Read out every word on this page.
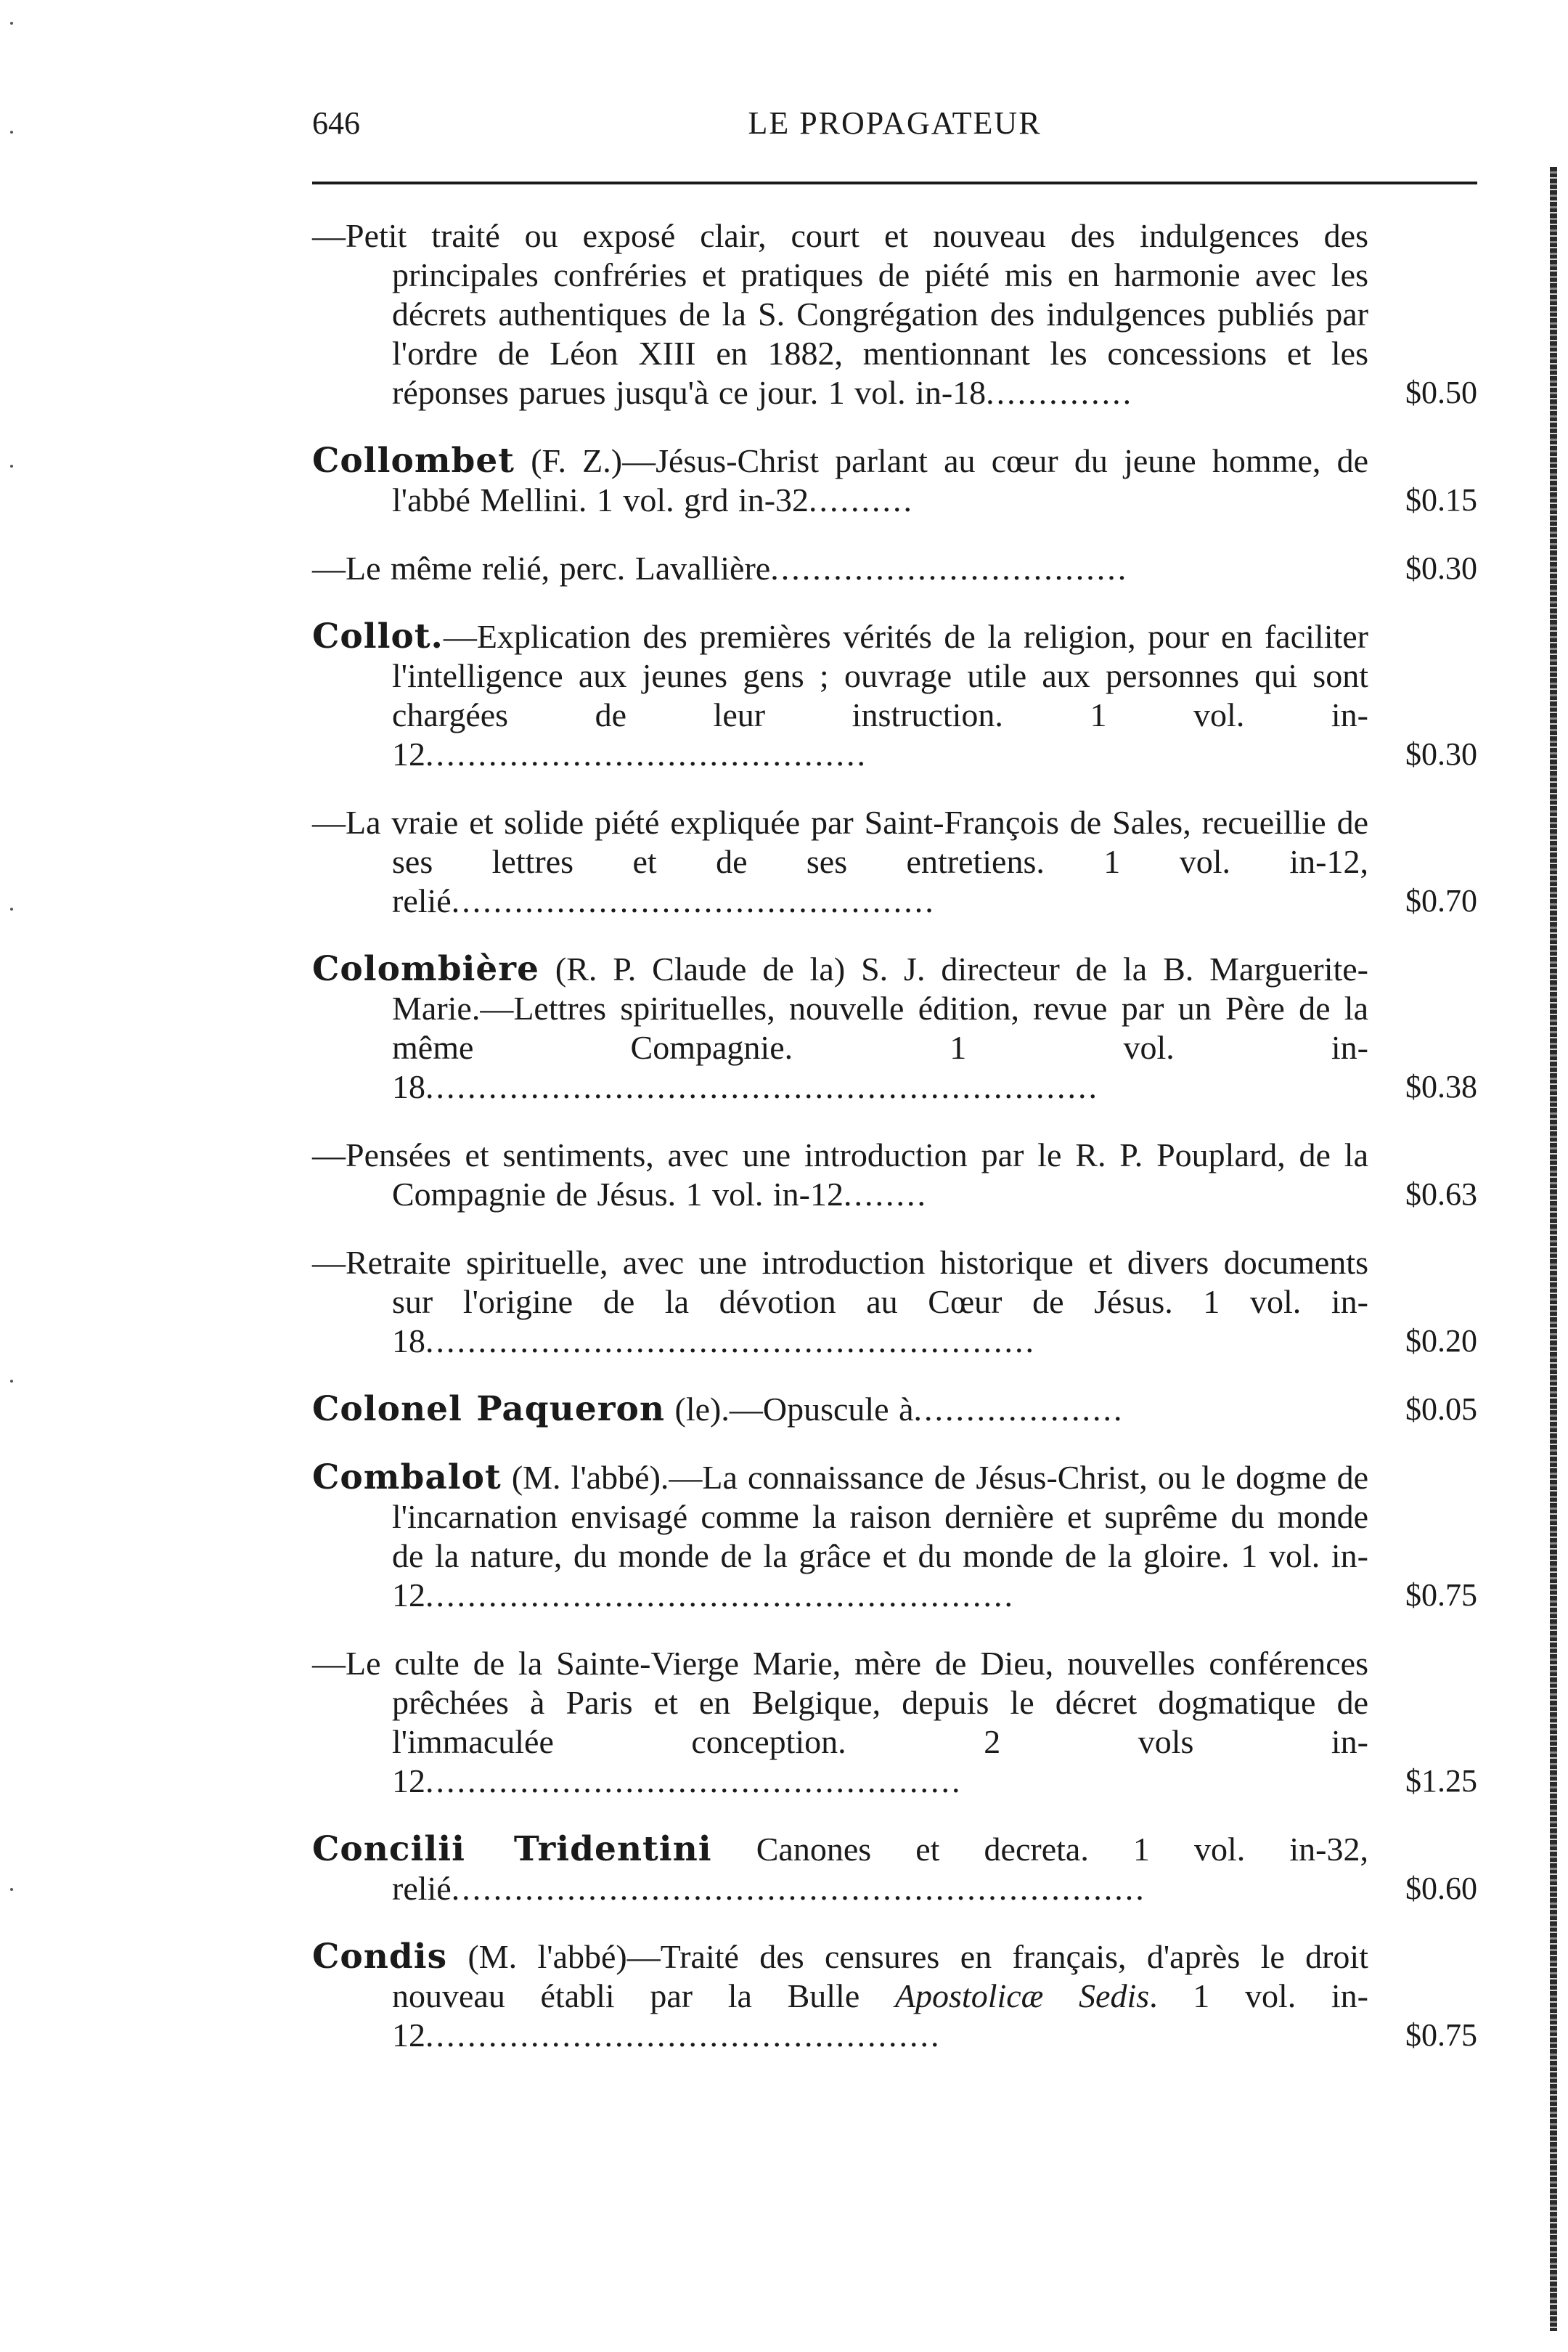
646	LE PROPAGATEUR
—Petit traité ou exposé clair, court et nouveau des indulgences des principales confréries et pratiques de piété mis en harmonie avec les décrets authentiques de la S. Congrégation des indulgences publiés par l'ordre de Léon XIII en 1882, mentionnant les concessions et les réponses parues jusqu'à ce jour. 1 vol. in-18..............	$0.50
Collombet (F. Z.)—Jésus-Christ parlant au cœur du jeune homme, de l'abbé Mellini. 1 vol. grd in-32..........	$0.15
—Le même relié, perc. Lavallière..................................	$0.30
Collot.—Explication des premières vérités de la religion, pour en faciliter l'intelligence aux jeunes gens ; ouvrage utile aux personnes qui sont chargées de leur instruction. 1 vol. in-12..........................................	$0.30
—La vraie et solide piété expliquée par Saint-François de Sales, recueillie de ses lettres et de ses entretiens. 1 vol. in-12, relié..............................................	$0.70
Colombière (R. P. Claude de la) S. J. directeur de la B. Marguerite-Marie.—Lettres spirituelles, nouvelle édition, revue par un Père de la même Compagnie. 1 vol. in-18................................................................	$0.38
—Pensées et sentiments, avec une introduction par le R. P. Pouplard, de la Compagnie de Jésus. 1 vol. in-12........	$0.63
—Retraite spirituelle, avec une introduction historique et divers documents sur l'origine de la dévotion au Cœur de Jésus. 1 vol. in-18..........................................................	$0.20
Colonel Paqueron (le).—Opuscule à....................	$0.05
Combalot (M. l'abbé).—La connaissance de Jésus-Christ, ou le dogme de l'incarnation envisagé comme la raison dernière et suprême du monde de la nature, du monde de la grâce et du monde de la gloire. 1 vol. in-12........................................................	$0.75
—Le culte de la Sainte-Vierge Marie, mère de Dieu, nouvelles conférences prêchées à Paris et en Belgique, depuis le décret dogmatique de l'immaculée conception. 2 vols in-12...................................................	$1.25
Concilii Tridentini Canones et decreta. 1 vol. in-32, relié..................................................................	$0.60
Condis (M. l'abbé)—Traité des censures en français, d'après le droit nouveau établi par la Bulle Apostolicæ Sedis. 1 vol. in-12.................................................	$0.75
